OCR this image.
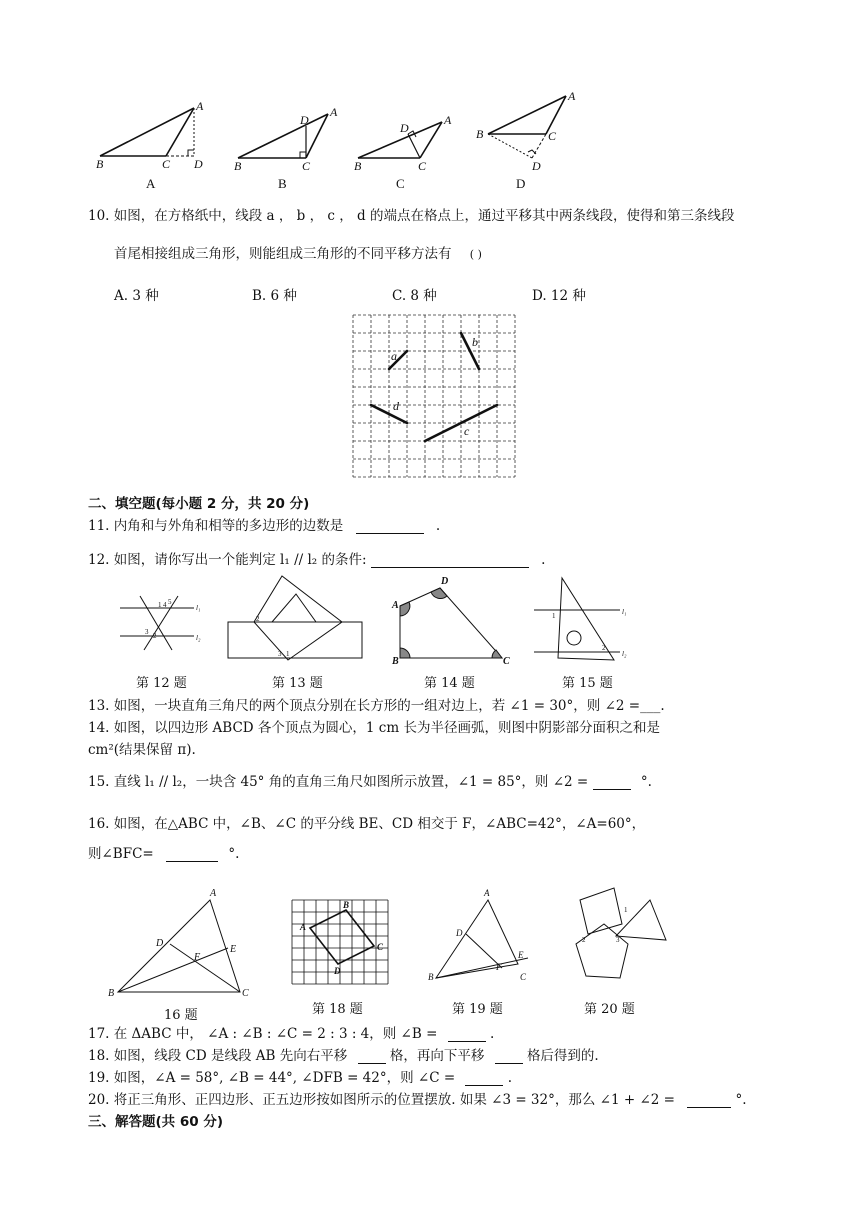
A
B	C D
A
A
D
B	C
B
A
D
B	C
C
A
B	C
D
D
10. 如图，在方格纸中，线段 a ， b ， c ， d 的端点在格点上，通过平移其中两条线段，使得和第三条线段
首尾相接组成三角形，则能组成三角形的不同平移方法有 ( )
A. 3 种	B. 6 种	C. 8 种	D. 12 种
a
b
d
c
二、填空题(每小题 2 分，共 20 分)
11. 内角和与外角和相等的多边形的边数是	.
12. 如图，请你写出一个能判定 l₁ // l₂ 的条件:	.
1 4 5
3 2
l₁
l₂
2
3 1
A
D
B	C
1
2
l₁
l₂
第 12 题	第 13 题	第 14 题	第 15 题
13. 如图，一块直角三角尺的两个顶点分别在长方形的一组对边上，若 ∠1 = 30°，则 ∠2 =___.
14. 如图，以四边形 ABCD 各个顶点为圆心，1 cm 长为半径画弧，则图中阴影部分面积之和是
cm²(结果保留 π).
15. 直线 l₁ // l₂，一块含 45° 角的直角三角尺如图所示放置，∠1 = 85°，则 ∠2 =	°.
16. 如图，在△ABC 中，∠B、∠C 的平分线 BE、CD 相交于 F，∠ABC=42°，∠A=60°，
则∠BFC=	°.
A
B	C
D
E
F
A
B
C
D
A
B	C
D
E
F
1
2	3
16 题	第 18 题	第 19 题	第 20 题
17. 在 ΔABC 中， ∠A : ∠B : ∠C = 2 : 3 : 4，则 ∠B =	.
18. 如图，线段 CD 是线段 AB 先向右平移	格，再向下平移	格后得到的.
19. 如图，∠A = 58°, ∠B = 44°, ∠DFB = 42°，则 ∠C =	.
20. 将正三角形、正四边形、正五边形按如图所示的位置摆放. 如果 ∠3 = 32°，那么 ∠1 + ∠2 =	°.
三、解答题(共 60 分)
